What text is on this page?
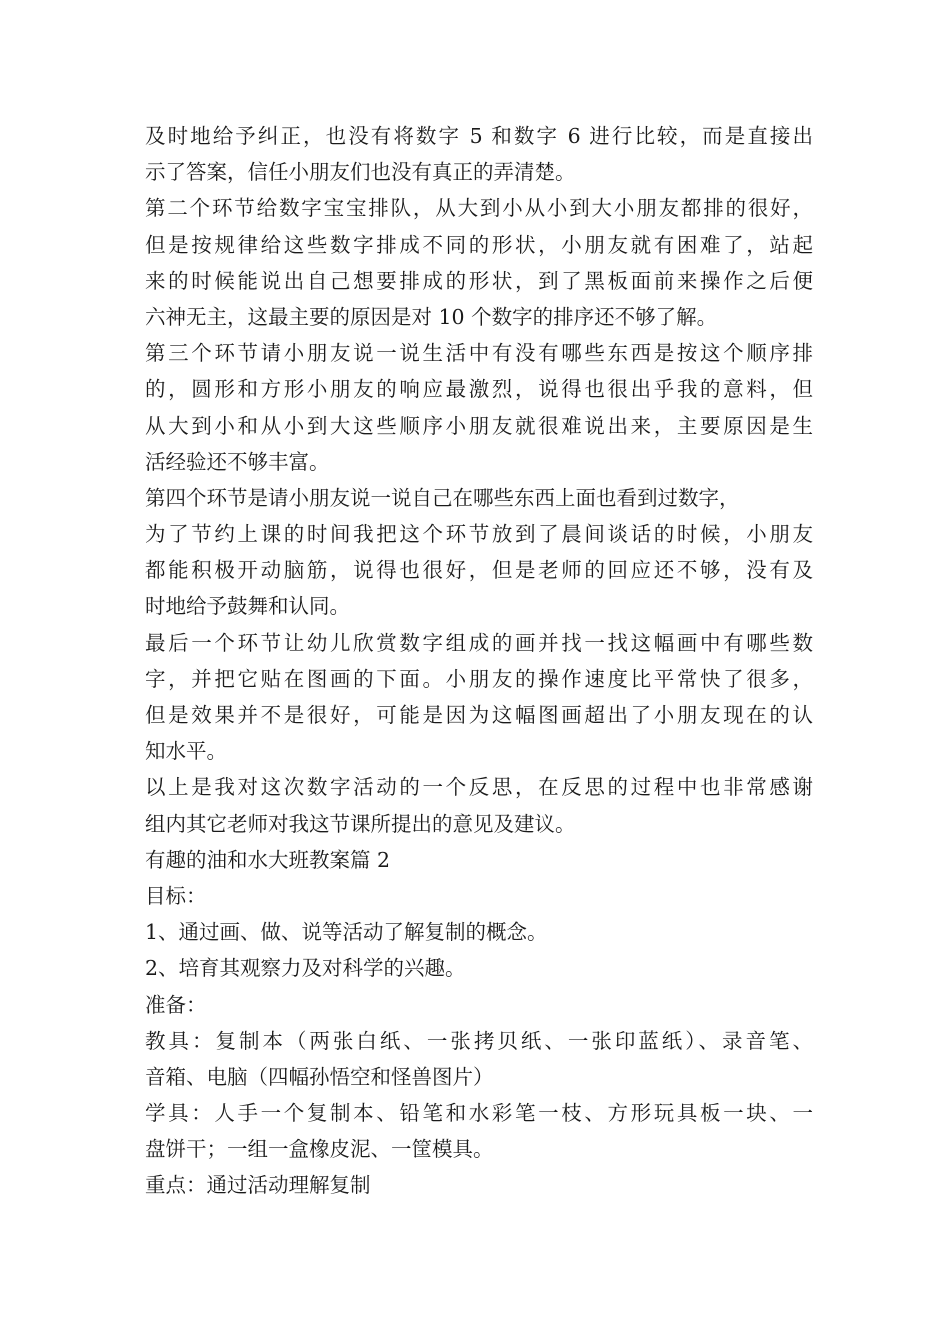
及时地给予纠正，也没有将数字 5 和数字 6 进行比较，而是直接出
示了答案，信任小朋友们也没有真正的弄清楚。
第二个环节给数字宝宝排队，从大到小从小到大小朋友都排的很好，
但是按规律给这些数字排成不同的形状，小朋友就有困难了，站起
来的时候能说出自己想要排成的形状，到了黑板面前来操作之后便
六神无主，这最主要的原因是对 10 个数字的排序还不够了解。
第三个环节请小朋友说一说生活中有没有哪些东西是按这个顺序排
的，圆形和方形小朋友的响应最激烈，说得也很出乎我的意料，但
从大到小和从小到大这些顺序小朋友就很难说出来，主要原因是生
活经验还不够丰富。
第四个环节是请小朋友说一说自己在哪些东西上面也看到过数字，
为了节约上课的时间我把这个环节放到了晨间谈话的时候，小朋友
都能积极开动脑筋，说得也很好，但是老师的回应还不够，没有及
时地给予鼓舞和认同。
最后一个环节让幼儿欣赏数字组成的画并找一找这幅画中有哪些数
字，并把它贴在图画的下面。小朋友的操作速度比平常快了很多，
但是效果并不是很好，可能是因为这幅图画超出了小朋友现在的认
知水平。
以上是我对这次数字活动的一个反思，在反思的过程中也非常感谢
组内其它老师对我这节课所提出的意见及建议。
有趣的油和水大班教案篇 2
目标：
1、通过画、做、说等活动了解复制的概念。
2、培育其观察力及对科学的兴趣。
准备：
教具：复制本（两张白纸、一张拷贝纸、一张印蓝纸）、录音笔、
音箱、电脑（四幅孙悟空和怪兽图片）
学具：人手一个复制本、铅笔和水彩笔一枝、方形玩具板一块、一
盘饼干；一组一盒橡皮泥、一筐模具。
重点：通过活动理解复制
